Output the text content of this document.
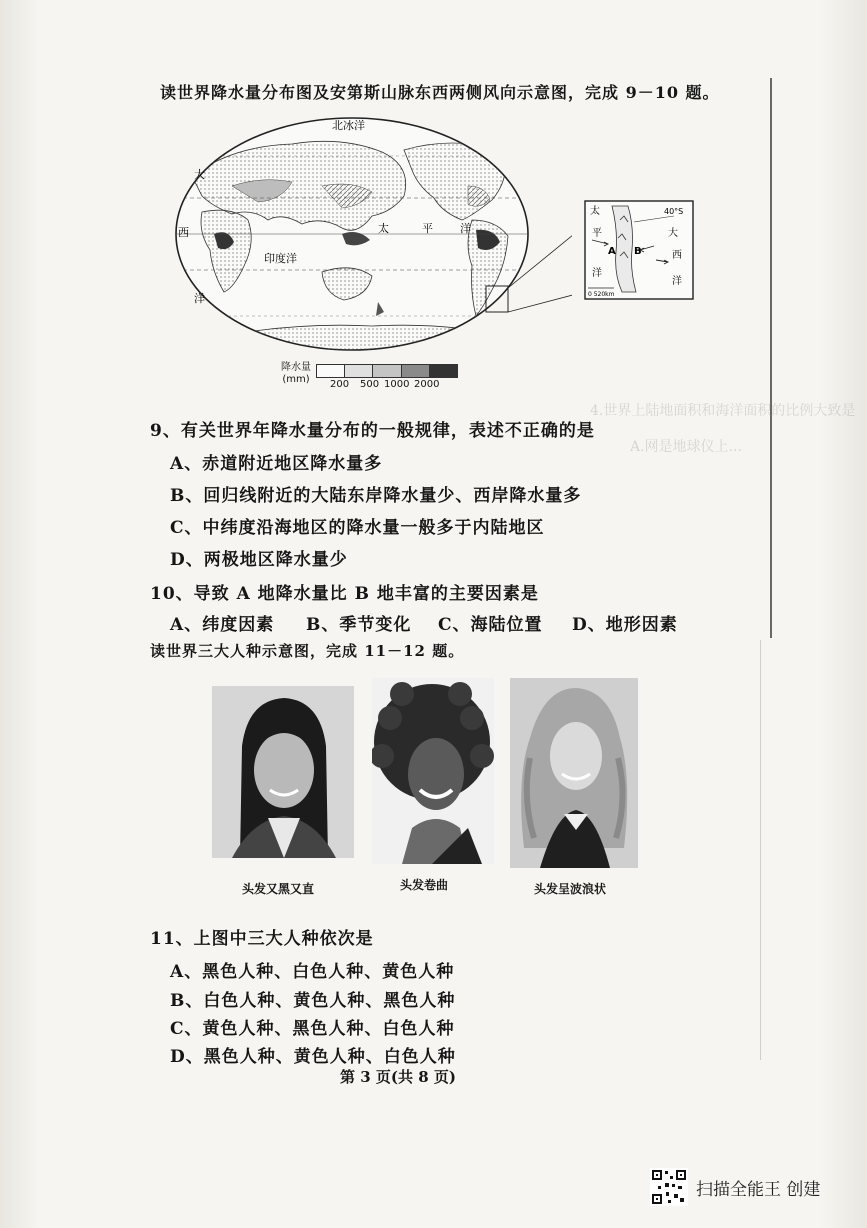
4.世界上陆地面积和海洋面积的比例大致是
A.网是地球仪上...
读世界降水量分布图及安第斯山脉东西两侧风向示意图，完成 9－10 题。
北冰洋
大
西
洋
太	平 洋
印度洋
太
平
洋
大
西
洋
40°S
A B
0 520km
降水量
(mm) 200 500 1000 2000
9、有关世界年降水量分布的一般规律，表述不正确的是
A、赤道附近地区降水量多
B、回归线附近的大陆东岸降水量少、西岸降水量多
C、中纬度沿海地区的降水量一般多于内陆地区
D、两极地区降水量少
10、导致 A 地降水量比 B 地丰富的主要因素是
A、纬度因素 B、季节变化 C、海陆位置 D、地形因素
读世界三大人种示意图，完成 11－12 题。
头发又黑又直	头发卷曲	头发呈波浪状
11、上图中三大人种依次是
A、黑色人种、白色人种、黄色人种
B、白色人种、黄色人种、黑色人种
C、黄色人种、黑色人种、白色人种
D、黑色人种、黄色人种、白色人种
第 3 页(共 8 页)
扫描全能王 创建
